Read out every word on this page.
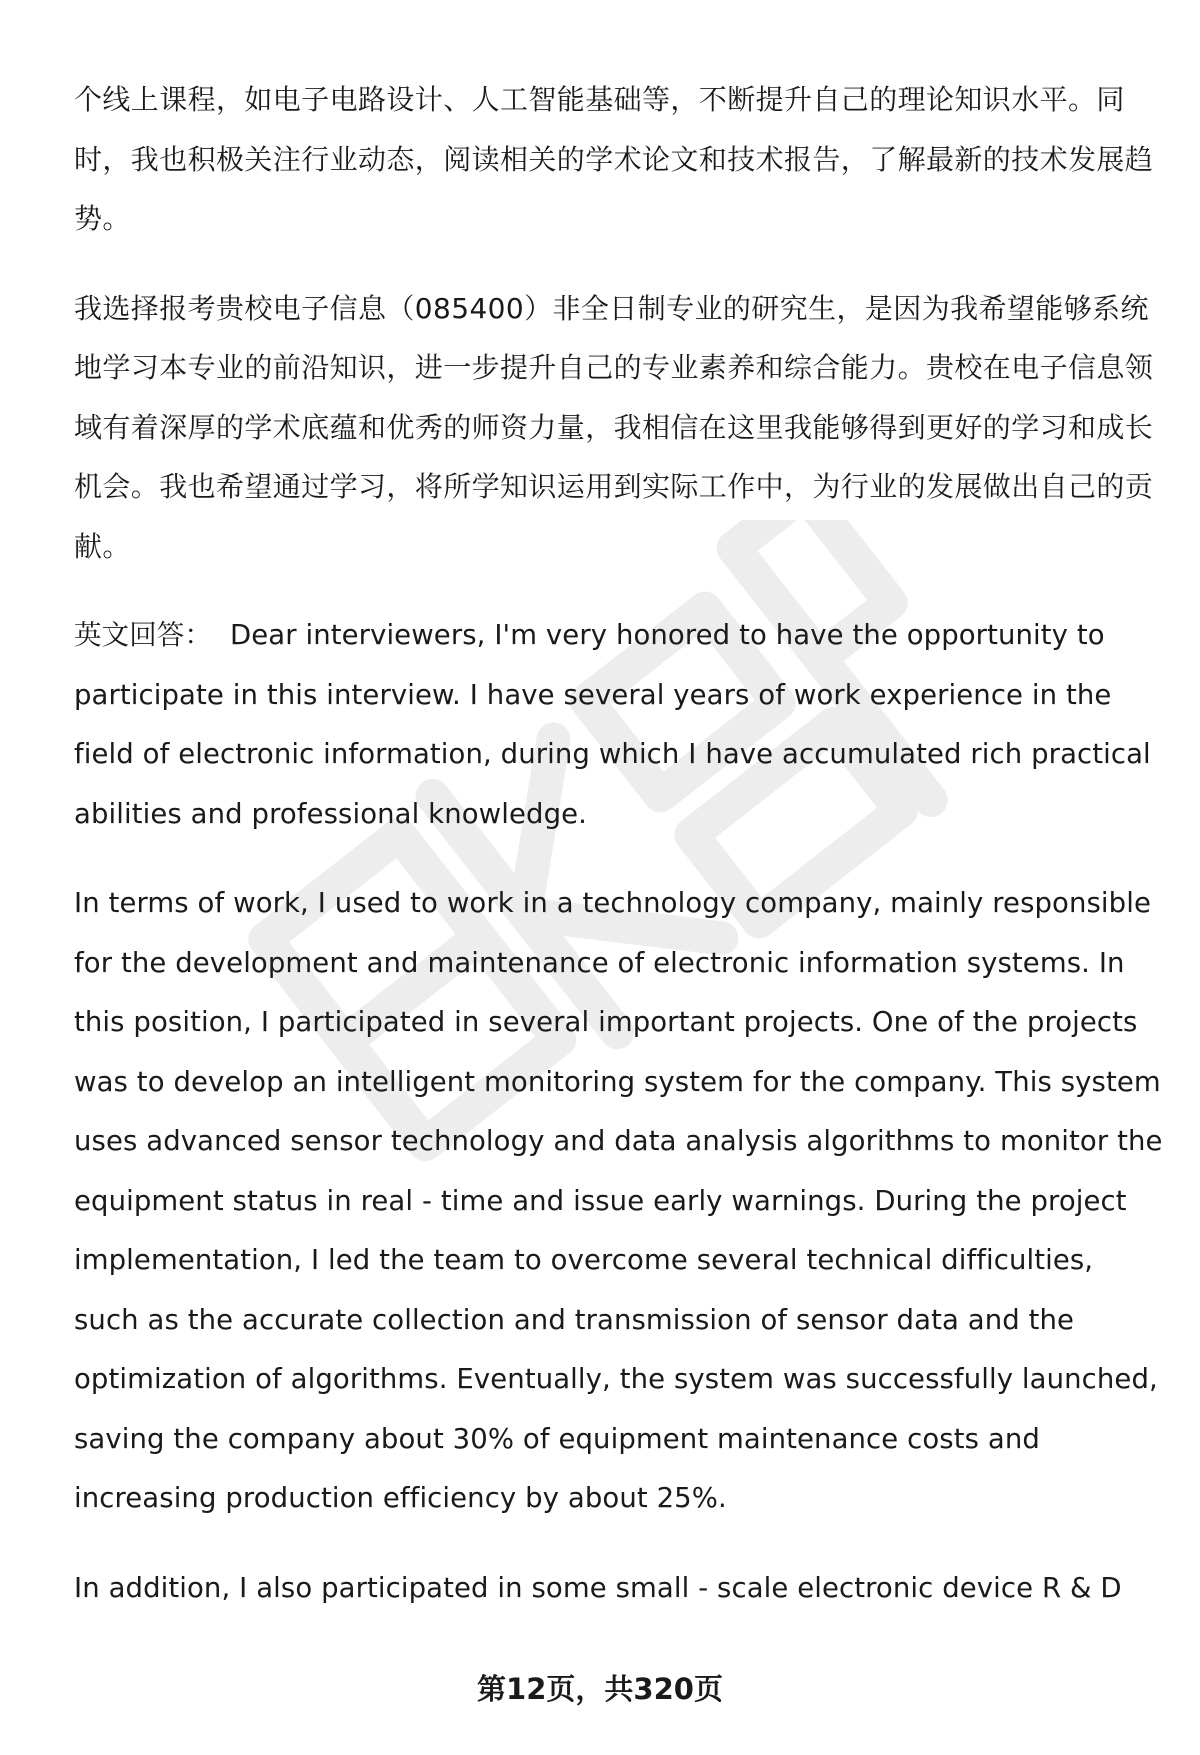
个线上课程，如电子电路设计、人工智能基础等，不断提升自己的理论知识水平。同时，我也积极关注行业动态，阅读相关的学术论文和技术报告，了解最新的技术发展趋势。

我选择报考贵校电子信息（085400）非全日制专业的研究生，是因为我希望能够系统地学习本专业的前沿知识，进一步提升自己的专业素养和综合能力。贵校在电子信息领域有着深厚的学术底蕴和优秀的师资力量，我相信在这里我能够得到更好的学习和成长机会。我也希望通过学习，将所学知识运用到实际工作中，为行业的发展做出自己的贡献。

英文回答： Dear interviewers, I'm very honored to have the opportunity to participate in this interview. I have several years of work experience in the field of electronic information, during which I have accumulated rich practical abilities and professional knowledge.

In terms of work, I used to work in a technology company, mainly responsible for the development and maintenance of electronic information systems. In this position, I participated in several important projects. One of the projects was to develop an intelligent monitoring system for the company. This system uses advanced sensor technology and data analysis algorithms to monitor the equipment status in real - time and issue early warnings. During the project implementation, I led the team to overcome several technical difficulties, such as the accurate collection and transmission of sensor data and the optimization of algorithms. Eventually, the system was successfully launched, saving the company about 30% of equipment maintenance costs and increasing production efficiency by about 25%.

In addition, I also participated in some small - scale electronic device R & D

第12页，共320页
